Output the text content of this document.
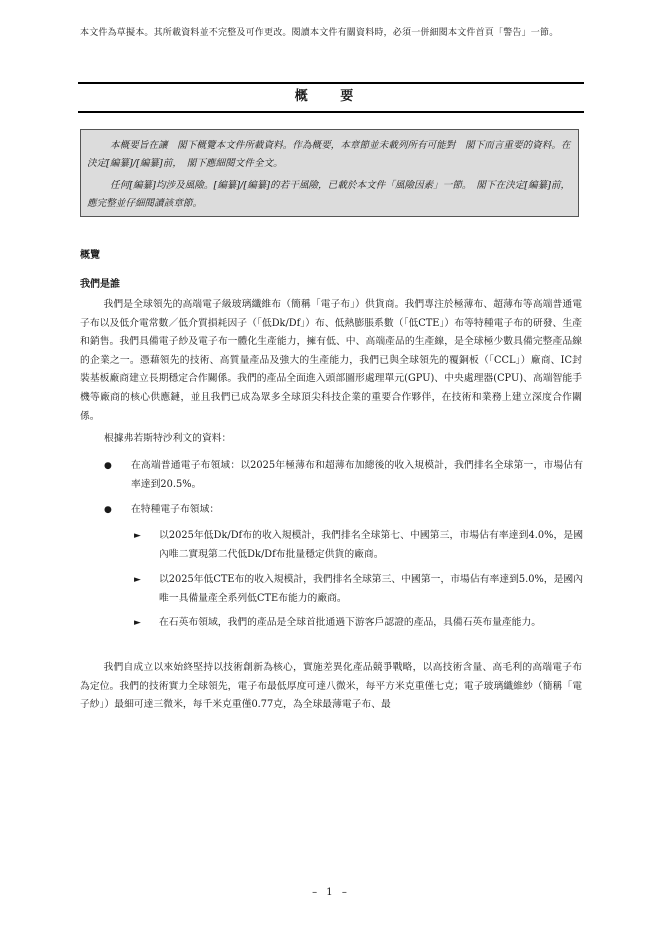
本文件為草擬本。其所載資料並不完整及可作更改。閱讀本文件有關資料時，必須一併細閱本文件首頁「警告」一節。
概 要

本概要旨在讓　閣下概覽本文件所載資料。作為概要，本章節並未載列所有可能對　閣下而言重要的資料。在決定[編纂]/[編纂]前，　閣下應細閱文件全文。

任何[編纂]均涉及風險。[編纂]/[編纂]的若干風險，已載於本文件「風險因素」一節。　閣下在決定[編纂]前，應完整並仔細閱讀該章節。

概覽
我們是誰
我們是全球領先的高端電子級玻璃纖維布（簡稱「電子布」）供貨商。我們專注於極薄布、超薄布等高端普通電子布以及低介電常數／低介質損耗因子（「低Dk/Df」）布、低熱膨脹系數（「低CTE」）布等特種電子布的研發、生產和銷售。我們具備電子紗及電子布一體化生產能力，擁有低、中、高端產品的生產線，是全球極少數具備完整產品線的企業之一。憑藉領先的技術、高質量產品及強大的生產能力，我們已與全球領先的覆銅板（「CCL」）廠商、IC封裝基板廠商建立長期穩定合作關係。我們的產品全面進入頭部圖形處理單元(GPU)、中央處理器(CPU)、高端智能手機等廠商的核心供應鏈，並且我們已成為眾多全球頂尖科技企業的重要合作夥伴，在技術和業務上建立深度合作關係。
根據弗若斯特沙利文的資料：
● 在高端普通電子布領域：以2025年極薄布和超薄布加總後的收入規模計，我們排名全球第一，市場佔有率達到20.5%。
● 在特種電子布領域：
► 以2025年低Dk/Df布的收入規模計，我們排名全球第七、中國第三，市場佔有率達到4.0%，是國內唯二實現第二代低Dk/Df布批量穩定供貨的廠商。
► 以2025年低CTE布的收入規模計，我們排名全球第三、中國第一，市場佔有率達到5.0%，是國內唯一具備量產全系列低CTE布能力的廠商。
► 在石英布領域，我們的產品是全球首批通過下游客戶認證的產品，具備石英布量產能力。
我們自成立以來始終堅持以技術創新為核心，實施差異化產品競爭戰略，以高技術含量、高毛利的高端電子布為定位。我們的技術實力全球領先，電子布最低厚度可達八微米，每平方米克重僅七克；電子玻璃纖維紗（簡稱「電子紗」）最細可達三微米，每千米克重僅0.77克，為全球最薄電子布、最
– 1 –
